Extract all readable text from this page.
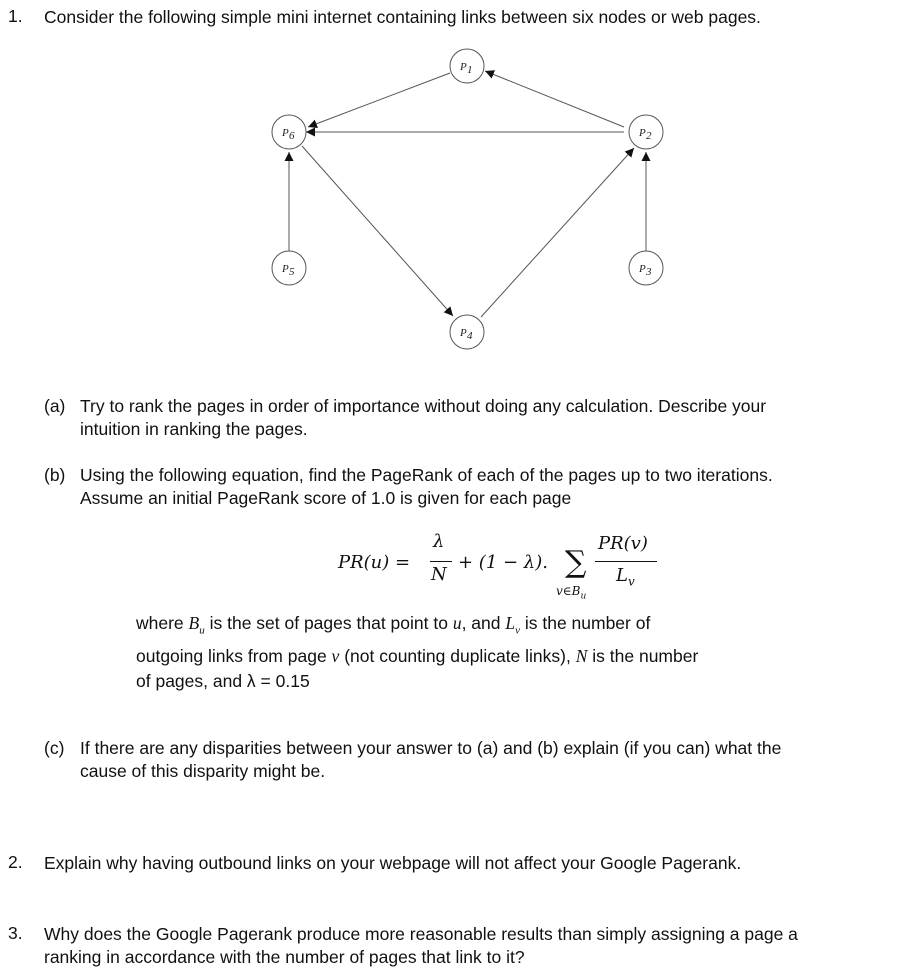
1. Consider the following simple mini internet containing links between six nodes or web pages.
P 1
P 2
P 3
P 4
P 5
P 6
(a) Try to rank the pages in order of importance without doing any calculation. Describe your
intuition in ranking the pages.
(b) Using the following equation, find the PageRank of each of the pages up to two iterations.
Assume an initial PageRank score of 1.0 is given for each page
PR(u) =
λ
N
+ (1 − λ). ∑
$v\in B_u$
PR(v)
$L_v$
where $B_u$ is the set of pages that point to u, and $L_v$ is the number of
outgoing links from page v (not counting duplicate links), N is the number
of pages, and λ = 0.15
(c) If there are any disparities between your answer to (a) and (b) explain (if you can) what the
cause of this disparity might be.
2. Explain why having outbound links on your webpage will not affect your Google Pagerank.
3. Why does the Google Pagerank produce more reasonable results than simply assigning a page a
ranking in accordance with the number of pages that link to it?
